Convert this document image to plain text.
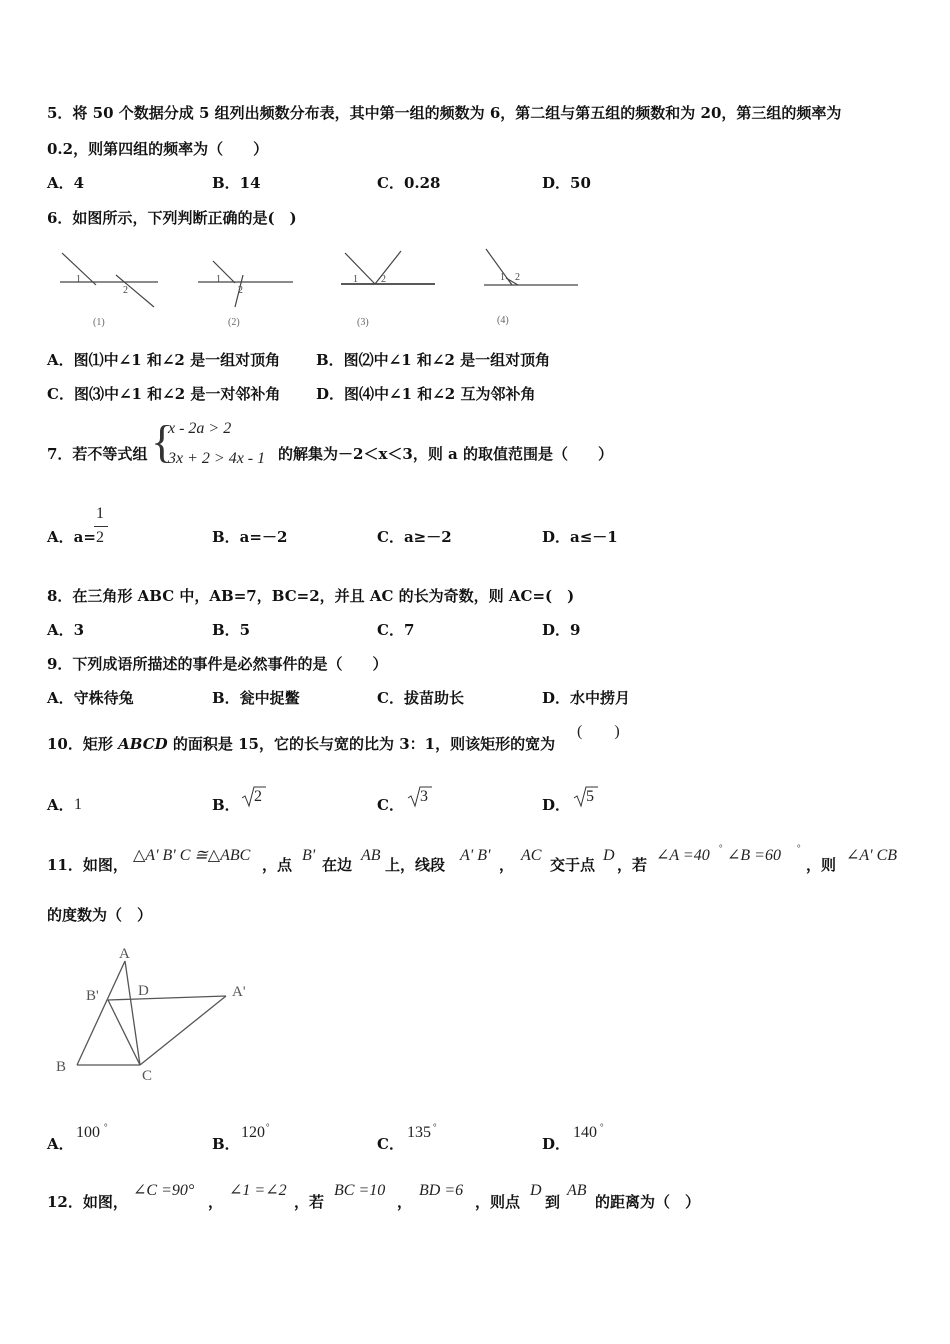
5．将 50 个数据分成 5 组列出频数分布表，其中第一组的频数为 6，第二组与第五组的频数和为 20，第三组的频率为
0.2，则第四组的频率为（　　）
A．4	B．14	C．0.28	D．50
6．如图所示，下列判断正确的是(　)
1
2
(1)
1
2
(2)
1 2
(3)
1 2
(4)
A．图⑴中∠1 和∠2 是一组对顶角 B．图⑵中∠1 和∠2 是一组对顶角
C．图⑶中∠1 和∠2 是一对邻补角 D．图⑷中∠1 和∠2 互为邻补角
7．若不等式组 {
x - 2a > 2
3x + 2 > 4x - 1 的解集为－2＜x＜3，则 a 的取值范围是（　　）
A．a=
1
2	B．a=－2	C．a≥－2	D．a≤－1
8．在三角形 ABC 中，AB=7，BC=2，并且 AC 的长为奇数，则 AC=(　)
A．3	B．5	C．7	D．9
9．下列成语所描述的事件是必然事件的是（　　）
A．守株待兔	B．瓮中捉鳖	C．拔苗助长	D．水中捞月
10．矩形 ABCD 的面积是 15，它的长与宽的比为 3：1，则该矩形的宽为
(　　)
A． 1	B． 2	C． 3	D． 5
11．如图，
△A' B' C ≅△ABC
，点
B'
在边
AB
上，线段
A' B'
，
AC
交于点
D
，若
∠A =40 ° ∠B =60 °
，则
∠A' CB
的度数为（　）
A
B'	D	A'
B
C
A．
100 °
B．
120 °
C．
135 °
D．
140 °
12．如图，
∠C =90°
，
∠1 =∠2
，若
BC =10
，
BD =6
，则点
D
到
AB
的距离为（　）
